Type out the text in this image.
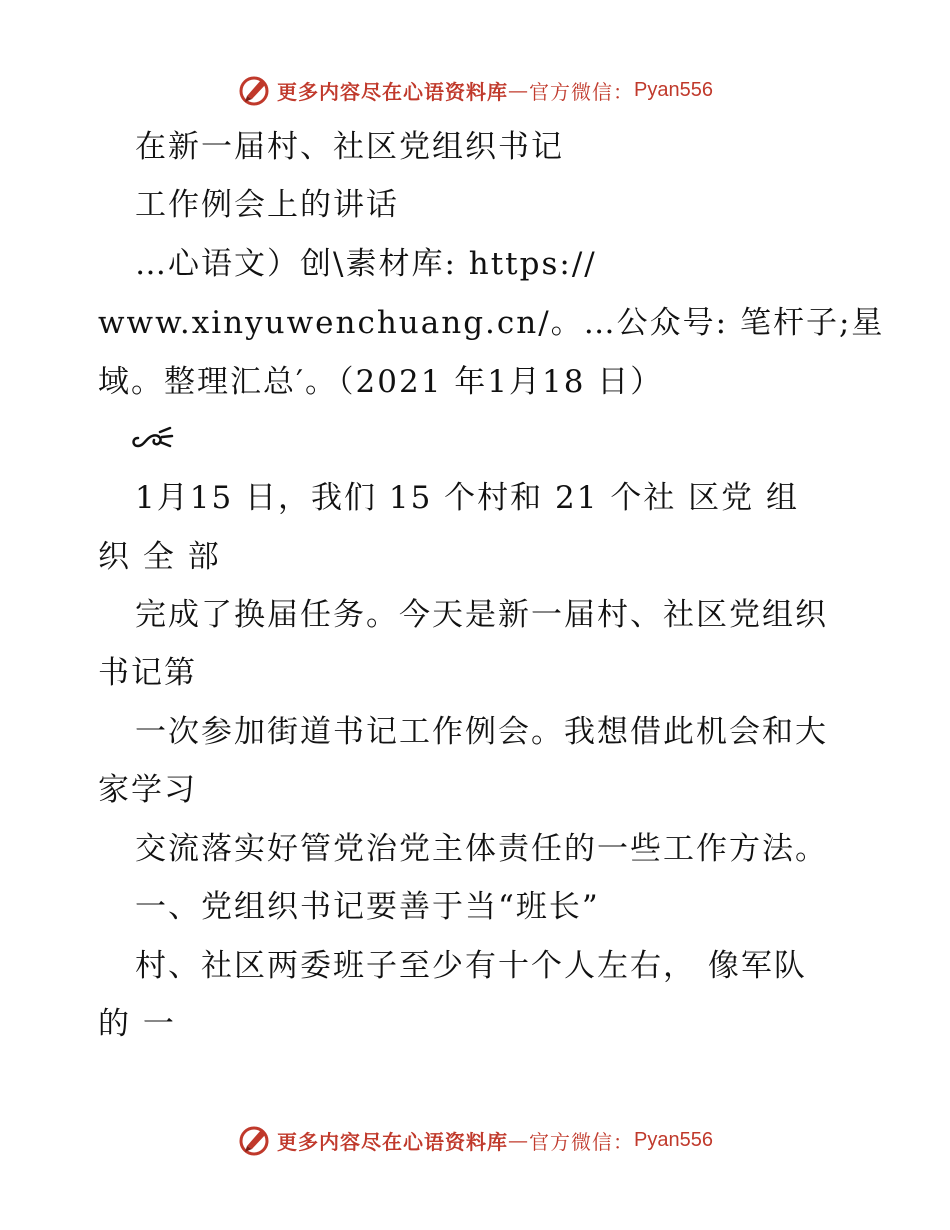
更多内容尽在心语资料库 — 官方微信： Pyan556
在新一届村、社区党组织书记
工作例会上的讲话
…心语文）创\素材库: https://
www.xinyuwenchuang.cn/。…公众号: 笔杆子;星
域。整理汇总′。（2021 年1月18 日）
1月15 日，我们 15 个村和 21 个社 区党 组
织 全 部
完成了换届任务。今天是新一届村、社区党组织
书记第
一次参加街道书记工作例会。我想借此机会和大
家学习
交流落实好管党治党主体责任的一些工作方法。
一、党组织书记要善于当“班长”
村、社区两委班子至少有十个人左右， 像军队
的 一
更多内容尽在心语资料库 — 官方微信： Pyan556
